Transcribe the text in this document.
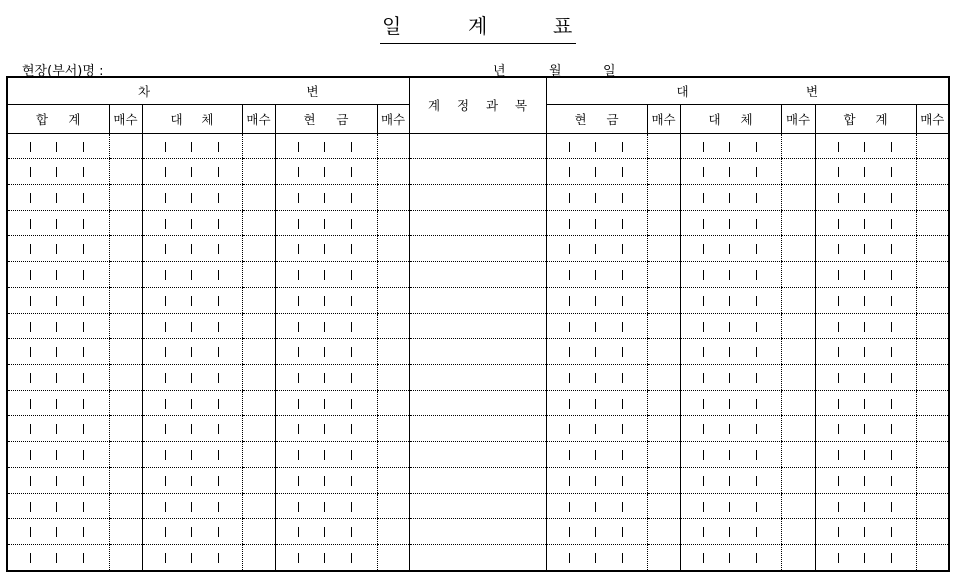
일	계	표
현장(부서)명 :	년	월	일
차 변						계 정 과 목	대 변					

합 계	매수	대 체	매수	현 금	매수		현 금	매수	대 체	매수	합 계	매수
